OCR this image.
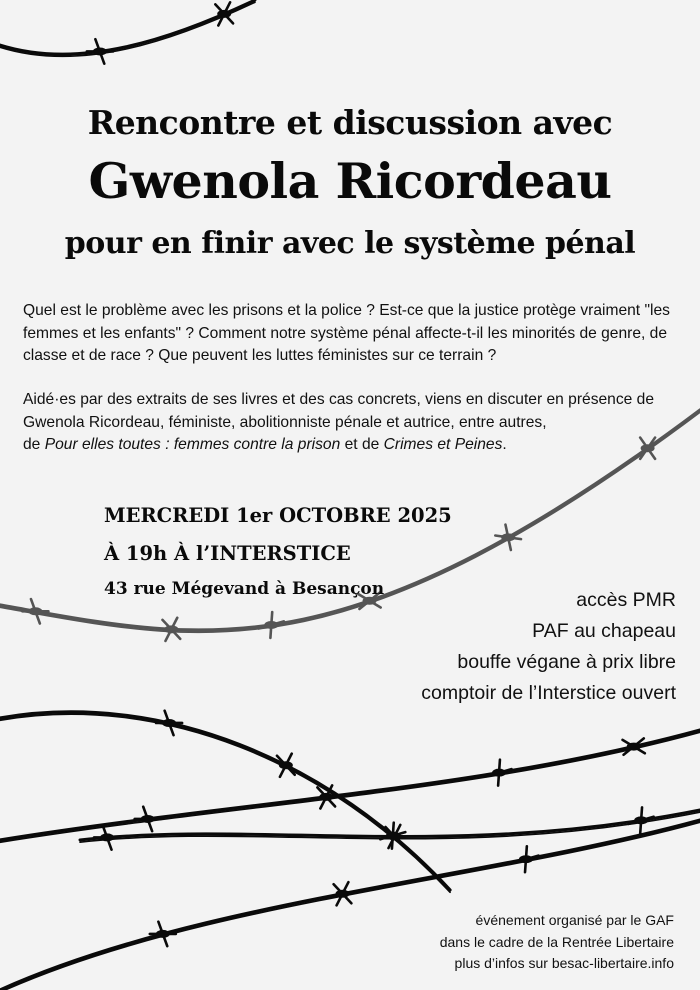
Rencontre et discussion avec
Gwenola Ricordeau
pour en finir avec le système pénal
Quel est le problème avec les prisons et la police ? Est-ce que la justice protège vraiment "les femmes et les enfants" ? Comment notre système pénal affecte-t-il les minorités de genre, de classe et de race ? Que peuvent les luttes féministes sur ce terrain ?
Aidé·es par des extraits de ses livres et des cas concrets, viens en discuter en présence de Gwenola Ricordeau, féministe, abolitionniste pénale et autrice, entre autres,
de Pour elles toutes : femmes contre la prison et de Crimes et Peines.
MERCREDI 1er OCTOBRE 2025
À 19h À l’INTERSTICE
43 rue Mégevand à Besançon	accès PMR
PAF au chapeau
bouffe végane à prix libre
comptoir de l’Interstice ouvert
événement organisé par le GAF
dans le cadre de la Rentrée Libertaire
plus d’infos sur besac-libertaire.info
